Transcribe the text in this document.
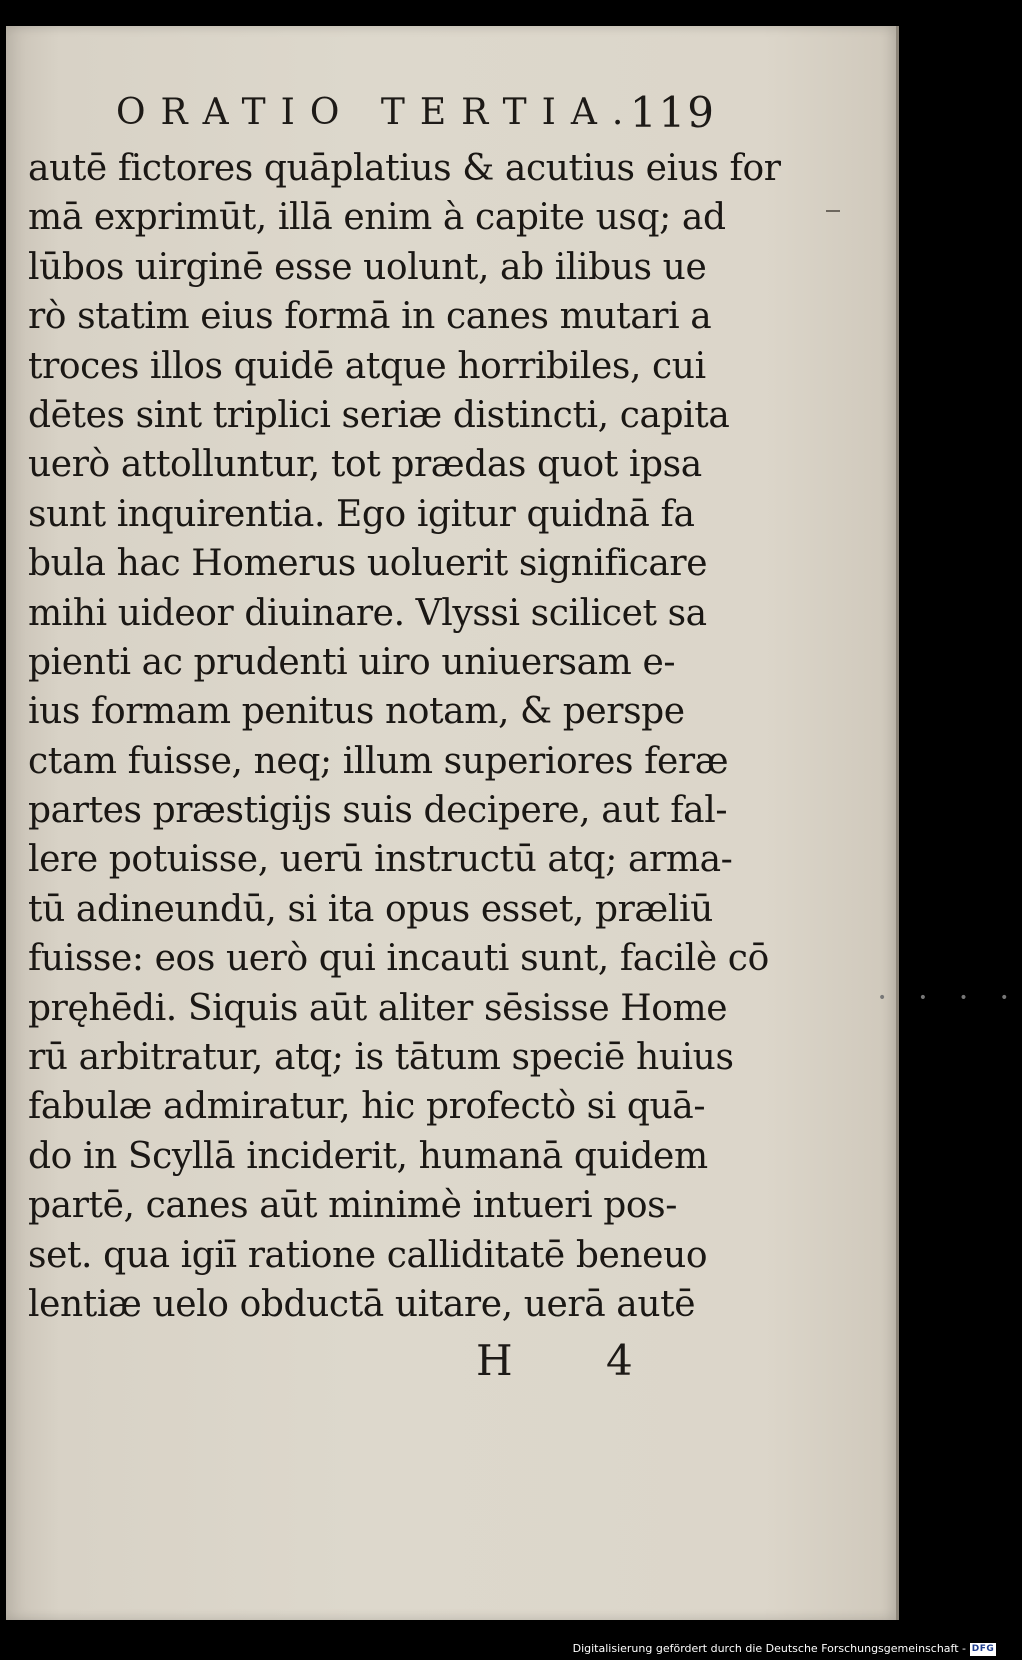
ORATIO TERTIA.
119
autē fictores quāplatius & acutius eius for
mā exprimūt, illā enim à capite usq; ad
lūbos uirginē esse uolunt, ab ilibus ue
rò statim eius formā in canes mutari a
troces illos quidē atque horribiles, cui
dētes sint triplici seriæ distincti, capita
uerò attolluntur, tot prædas quot ipsa
sunt inquirentia. Ego igitur quidnā fa
bula hac Homerus uoluerit significare
mihi uideor diuinare. Vlyssi scilicet sa
pienti ac prudenti uiro uniuersam e-
ius formam penitus notam, & perspe
ctam fuisse, neq; illum superiores feræ
partes præstigijs suis decipere, aut fal-
lere potuisse, uerū instructū atq; arma-
tū adineundū, si ita opus esset, præliū
fuisse: eos uerò qui incauti sunt, facilè cō
pręhēdi. Siquis aūt aliter sēsisse Home
rū arbitratur, atq; is tātum speciē huius
fabulæ admiratur, hic profectò si quā-
do in Scyllā inciderit, humanā quidem
partē, canes aūt minimè intueri pos-
set. qua igiī ratione calliditatē beneuo
lentiæ uelo obductā uitare, uerā autē
H 4
• • • •
Digitalisierung gefördert durch die Deutsche Forschungsgemeinschaft - DFG
